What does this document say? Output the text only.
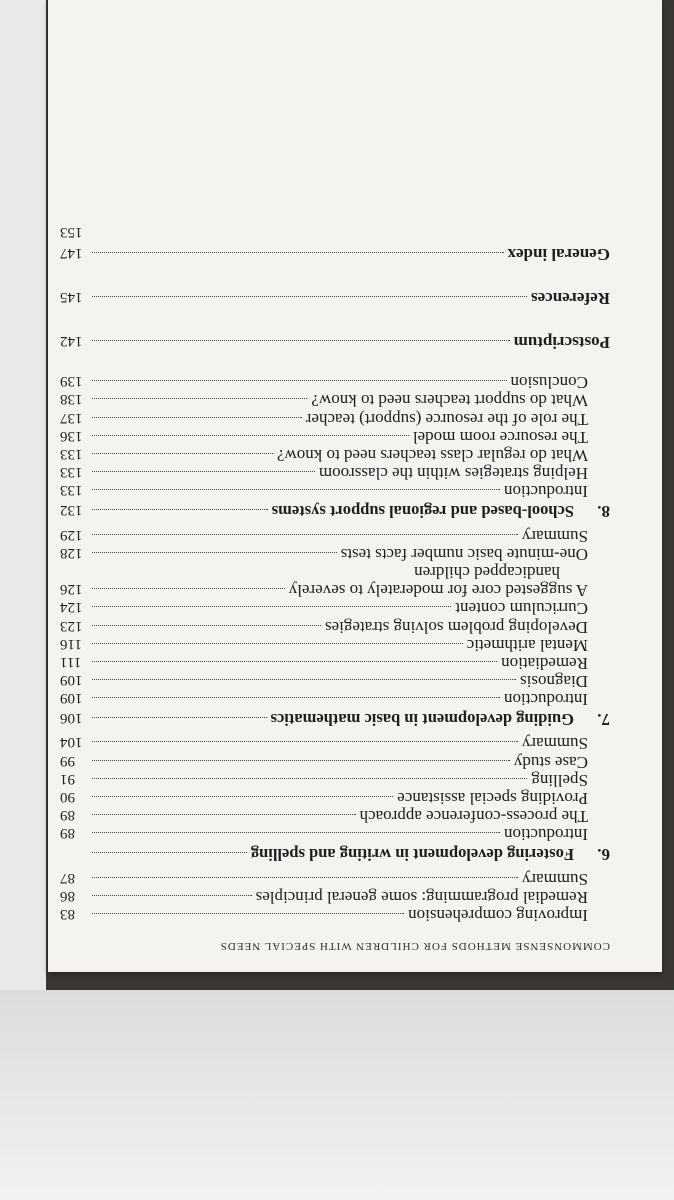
COMMONSENSE METHODS FOR CHILDREN WITH SPECIAL NEEDS
Improving comprehension
83
Remedial programming: some general principles
86
Summary
87
6.
Fostering development in writing and spelling
Introduction
89
The process-conference approach
89
Providing special assistance
90
Spelling
91
Case study
99
Summary
104
7.
Guiding development in basic mathematics
106
Introduction
109
Diagnosis
109
Remediation
111
Mental arithmetic
116
Developing problem solving strategies
123
Curriculum content
124
A suggested core for moderately to severely
126
handicapped children
One-minute basic number facts tests
128
Summary
129
8.
School-based and regional support systems
132
Introduction
133
Helping strategies within the classroom
133
What do regular class teachers need to know?
133
The resource room model
136
The role of the resource (support) teacher
137
What do support teachers need to know?
138
Conclusion
139
Postscriptum
142
References
145
General index
147
153
